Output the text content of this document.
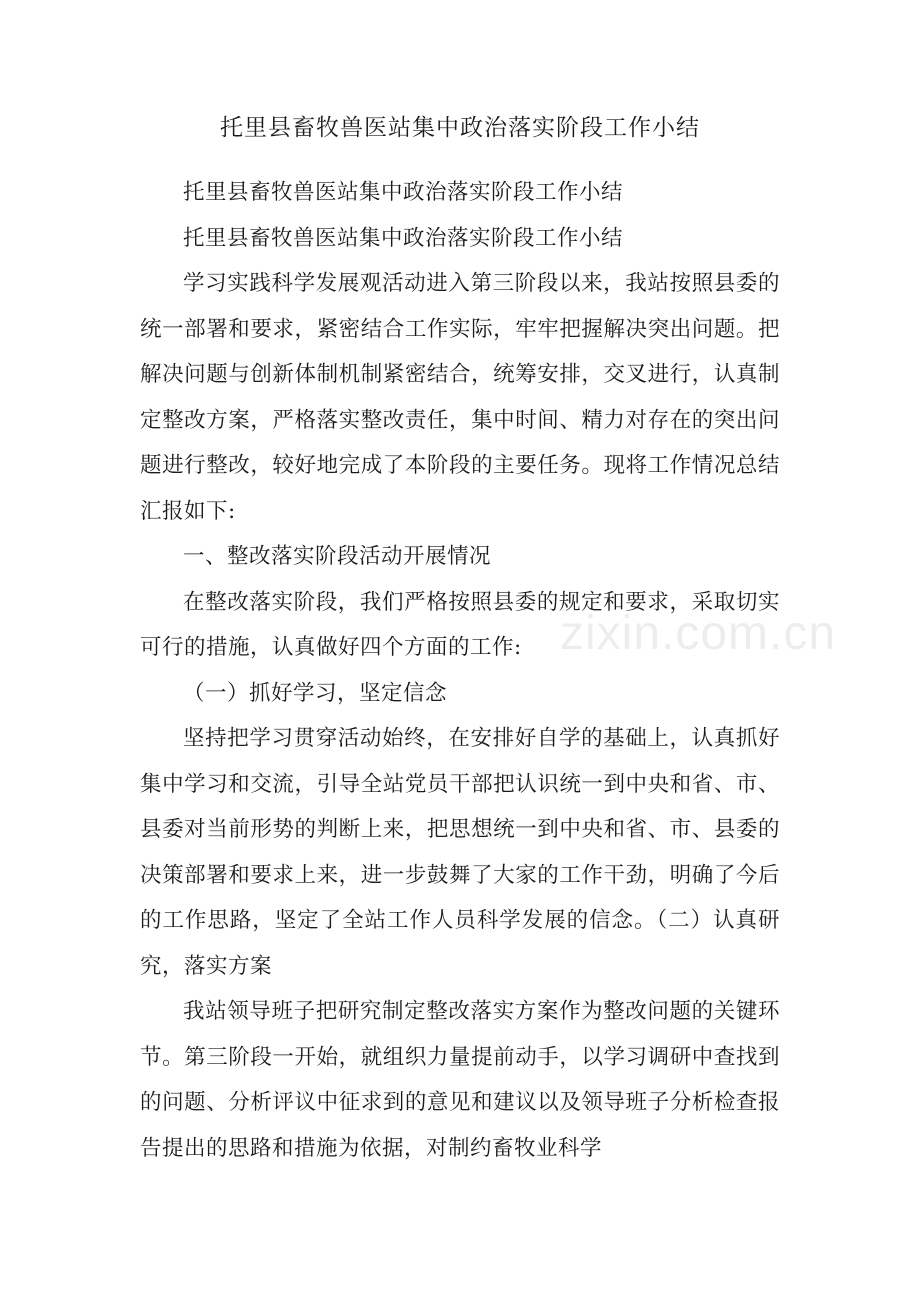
托里县畜牧兽医站集中政治落实阶段工作小结

托里县畜牧兽医站集中政治落实阶段工作小结

托里县畜牧兽医站集中政治落实阶段工作小结

学习实践科学发展观活动进入第三阶段以来，我站按照县委的统一部署和要求，紧密结合工作实际，牢牢把握解决突出问题。把解决问题与创新体制机制紧密结合，统筹安排，交叉进行，认真制定整改方案，严格落实整改责任，集中时间、精力对存在的突出问题进行整改，较好地完成了本阶段的主要任务。现将工作情况总结汇报如下:

一、整改落实阶段活动开展情况

在整改落实阶段，我们严格按照县委的规定和要求，采取切实可行的措施，认真做好四个方面的工作:

（一）抓好学习，坚定信念

坚持把学习贯穿活动始终，在安排好自学的基础上，认真抓好集中学习和交流，引导全站党员干部把认识统一到中央和省、市、县委对当前形势的判断上来，把思想统一到中央和省、市、县委的决策部署和要求上来，进一步鼓舞了大家的工作干劲，明确了今后的工作思路，坚定了全站工作人员科学发展的信念。（二）认真研究，落实方案

我站领导班子把研究制定整改落实方案作为整改问题的关键环节。第三阶段一开始，就组织力量提前动手，以学习调研中查找到的问题、分析评议中征求到的意见和建议以及领导班子分析检查报告提出的思路和措施为依据，对制约畜牧业科学

zixin.com.cn
